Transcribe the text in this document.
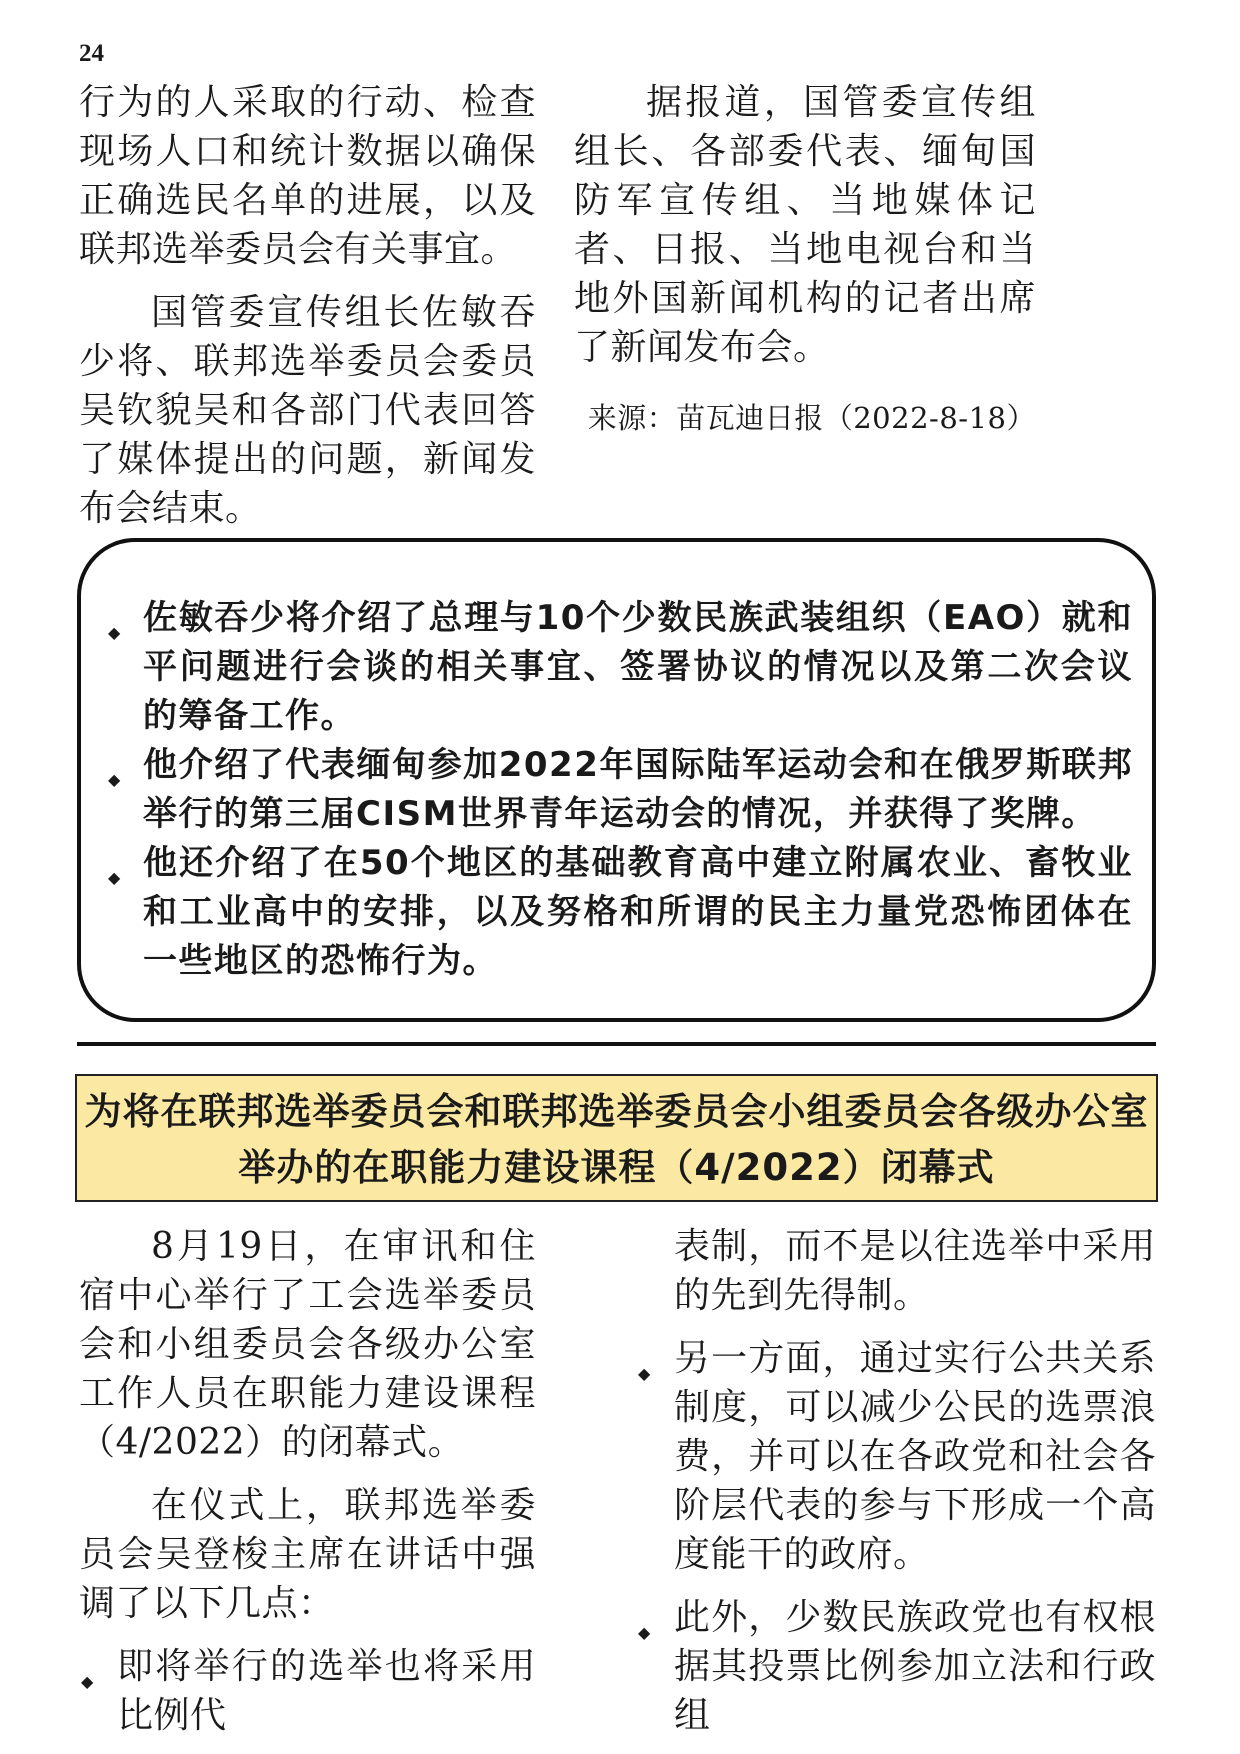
24

行为的人采取的行动、检查现场人口和统计数据以确保正确选民名单的进展，以及联邦选举委员会有关事宜。

国管委宣传组长佐敏吞少将、联邦选举委员会委员吴钦貌吴和各部门代表回答了媒体提出的问题，新闻发布会结束。

据报道，国管委宣传组组长、各部委代表、缅甸国防军宣传组、当地媒体记者、日报、当地电视台和当地外国新闻机构的记者出席了新闻发布会。

来源：苗瓦迪日报（2022-8-18）

◆ 佐敏吞少将介绍了总理与10个少数民族武装组织（EAO）就和平问题进行会谈的相关事宜、签署协议的情况以及第二次会议的筹备工作。
◆ 他介绍了代表缅甸参加2022年国际陆军运动会和在俄罗斯联邦举行的第三届CISM世界青年运动会的情况，并获得了奖牌。
◆ 他还介绍了在50个地区的基础教育高中建立附属农业、畜牧业和工业高中的安排，以及努格和所谓的民主力量党恐怖团体在一些地区的恐怖行为。
为将在联邦选举委员会和联邦选举委员会小组委员会各级办公室
举办的在职能力建设课程（4/2022）闭幕式

8月19日，在审讯和住宿中心举行了工会选举委员会和小组委员会各级办公室工作人员在职能力建设课程（4/2022）的闭幕式。

在仪式上，联邦选举委员会吴登梭主席在讲话中强调了以下几点：

◆ 即将举行的选举也将采用比例代
表制，而不是以往选举中采用的先到先得制。
◆ 另一方面，通过实行公共关系制度，可以减少公民的选票浪费，并可以在各政党和社会各阶层代表的参与下形成一个高度能干的政府。
◆ 此外，少数民族政党也有权根据其投票比例参加立法和行政组
